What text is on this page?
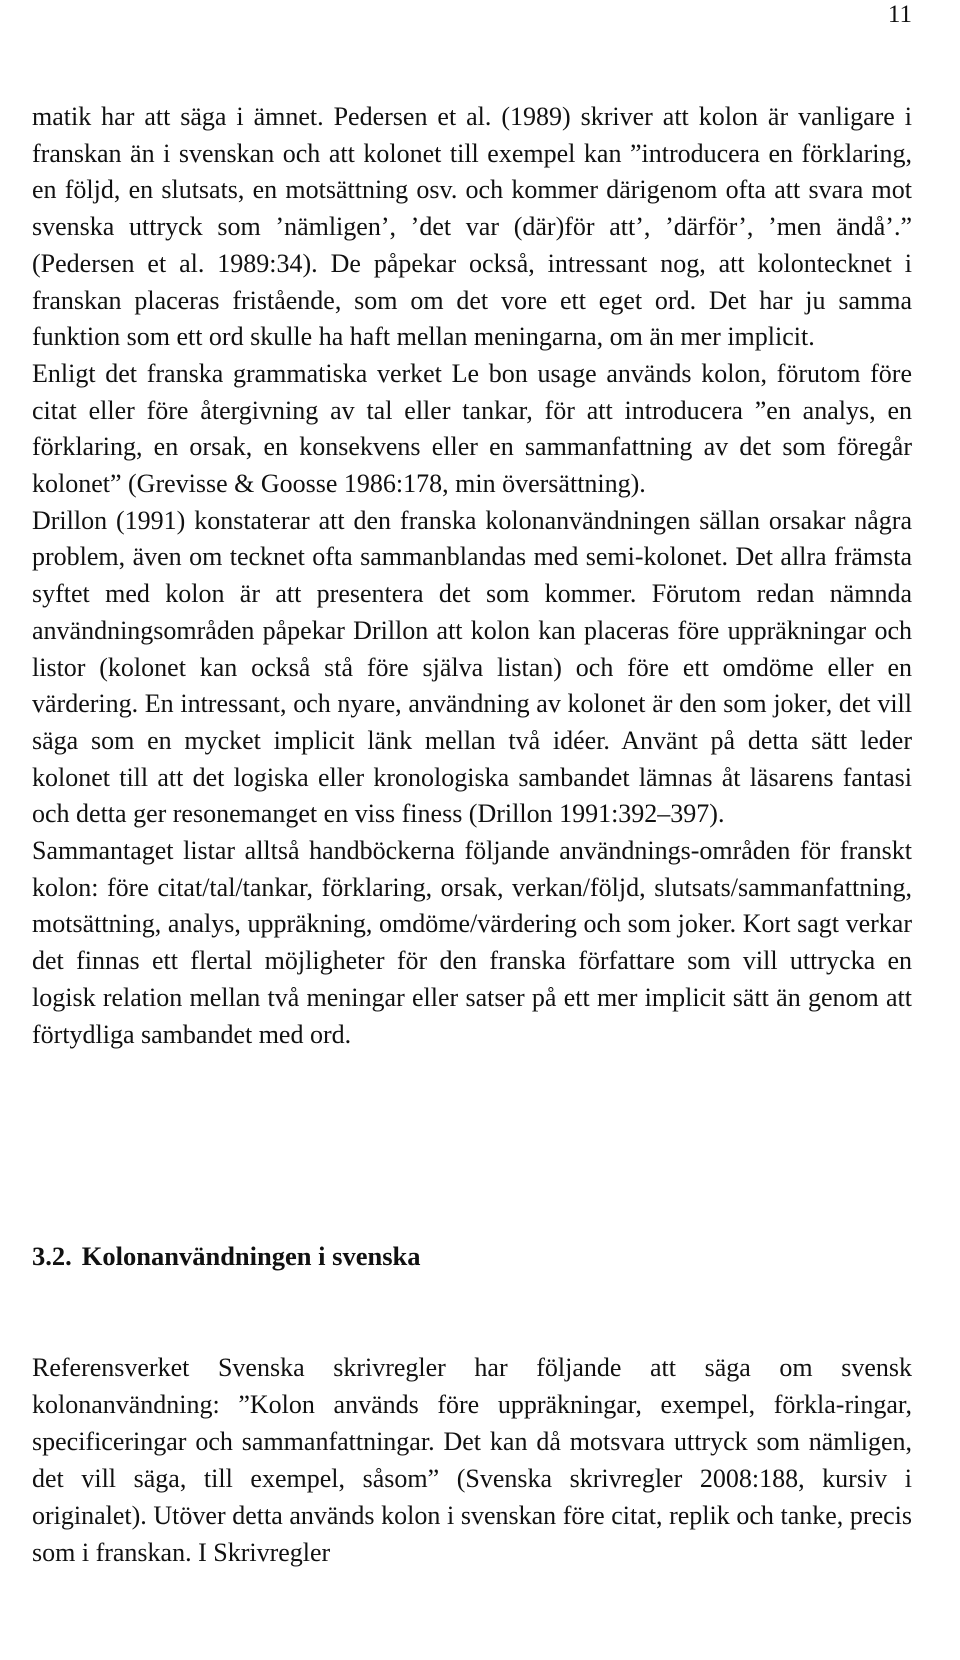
11

matik har att säga i ämnet. Pedersen et al. (1989) skriver att kolon är vanligare i franskan än i svenskan och att kolonet till exempel kan ”introducera en förklaring, en följd, en slutsats, en motsättning osv. och kommer därigenom ofta att svara mot svenska uttryck som ’nämligen’, ’det var (där)för att’, ’därför’, ’men ändå’.” (Pedersen et al. 1989:34). De påpekar också, intressant nog, att kolontecknet i franskan placeras fristående, som om det vore ett eget ord. Det har ju samma funktion som ett ord skulle ha haft mellan meningarna, om än mer implicit.

Enligt det franska grammatiska verket Le bon usage används kolon, förutom före citat eller före återgivning av tal eller tankar, för att introducera ”en analys, en förklaring, en orsak, en konsekvens eller en sammanfattning av det som föregår kolonet” (Grevisse & Goosse 1986:178, min översättning).

Drillon (1991) konstaterar att den franska kolonanvändningen sällan orsakar några problem, även om tecknet ofta sammanblandas med semi-kolonet. Det allra främsta syftet med kolon är att presentera det som kommer. Förutom redan nämnda användningsområden påpekar Drillon att kolon kan placeras före uppräkningar och listor (kolonet kan också stå före själva listan) och före ett omdöme eller en värdering. En intressant, och nyare, användning av kolonet är den som joker, det vill säga som en mycket implicit länk mellan två idéer. Använt på detta sätt leder kolonet till att det logiska eller kronologiska sambandet lämnas åt läsarens fantasi och detta ger resonemanget en viss finess (Drillon 1991:392–397).

Sammantaget listar alltså handböckerna följande användnings-områden för franskt kolon: före citat/tal/tankar, förklaring, orsak, verkan/följd, slutsats/sammanfattning, motsättning, analys, uppräkning, omdöme/värdering och som joker. Kort sagt verkar det finnas ett flertal möjligheter för den franska författare som vill uttrycka en logisk relation mellan två meningar eller satser på ett mer implicit sätt än genom att förtydliga sambandet med ord.

3.2. Kolonanvändningen i svenska
Referensverket Svenska skrivregler har följande att säga om svensk kolonanvändning: ”Kolon används före uppräkningar, exempel, förkla-ringar, specificeringar och sammanfattningar. Det kan då motsvara uttryck som nämligen, det vill säga, till exempel, såsom” (Svenska skrivregler 2008:188, kursiv i originalet). Utöver detta används kolon i svenskan före citat, replik och tanke, precis som i franskan. I Skrivregler
